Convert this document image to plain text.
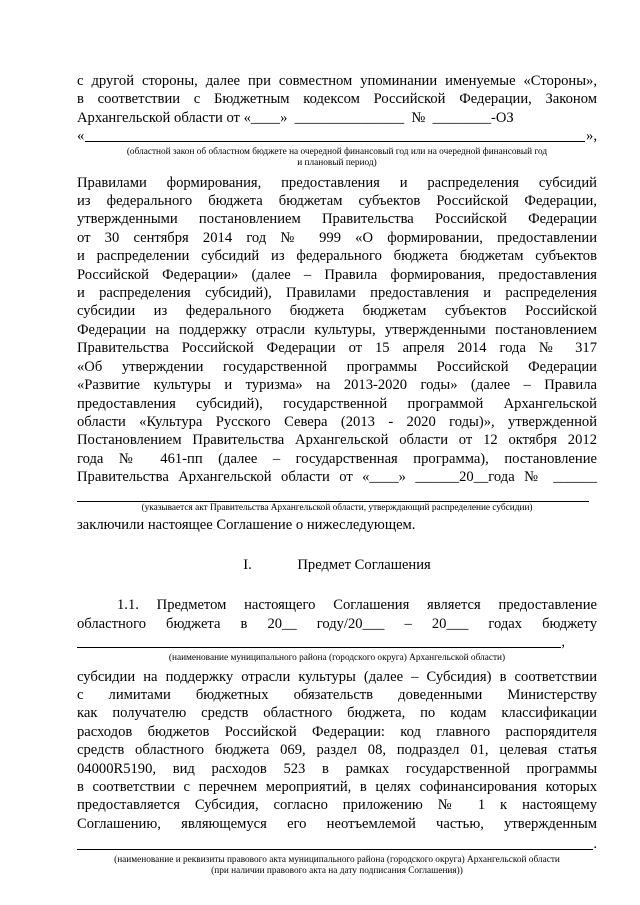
с другой стороны, далее при совместном упоминании именуемые «Стороны»,
в соответствии с Бюджетным кодексом Российской Федерации, Законом
Архангельской области от «____»  _______________  №  ________-ОЗ
«	»,
(областной закон об областном бюджете на очередной финансовый год или на очередной финансовый год
и плановый период)
Правилами формирования, предоставления и распределения субсидий
из федерального бюджета бюджетам субъектов Российской Федерации,
утвержденными постановлением Правительства Российской Федерации
от 30 сентября 2014 год № 999 «О формировании, предоставлении
и распределении субсидий из федерального бюджета бюджетам субъектов
Российской Федерации» (далее – Правила формирования, предоставления
и распределения субсидий), Правилами предоставления и распределения
субсидии из федерального бюджета бюджетам субъектов Российской
Федерации на поддержку отрасли культуры, утвержденными постановлением
Правительства Российской Федерации от 15 апреля 2014 года № 317
«Об утверждении государственной программы Российской Федерации
«Развитие культуры и туризма» на 2013-2020 годы» (далее – Правила
предоставления субсидий), государственной программой Архангельской
области «Культура Русского Севера (2013 - 2020 годы)», утвержденной
Постановлением Правительства Архангельской области от 12 октября 2012
года № 461-пп (далее – государственная программа), постановление
Правительства Архангельской области от «____» ______20__года № ______
(указывается акт Правительства Архангельской области, утверждающий распределение субсидии)
заключили настоящее Соглашение о нижеследующем.
I.	Предмет Соглашения
1.1. Предметом настоящего Соглашения является предоставление
областного бюджета в 20__ году/20___ – 20___ годах бюджету
,
(наименование муниципального района (городского округа) Архангельской области)
субсидии на поддержку отрасли культуры (далее – Субсидия) в соответствии
с лимитами бюджетных обязательств доведенными Министерству
как получателю средств областного бюджета, по кодам классификации
расходов бюджетов Российской Федерации: код главного распорядителя
средств областного бюджета 069, раздел 08, подраздел 01, целевая статья
04000R5190, вид расходов 523 в рамках государственной программы
в соответствии с перечнем мероприятий, в целях софинансирования которых
предоставляется Субсидия, согласно приложению № 1 к настоящему
Соглашению, являющемуся его неотъемлемой частью, утвержденным
.
(наименование и реквизиты правового акта муниципального района (городского округа) Архангельской области
(при наличии правового акта на дату подписания Соглашения))
